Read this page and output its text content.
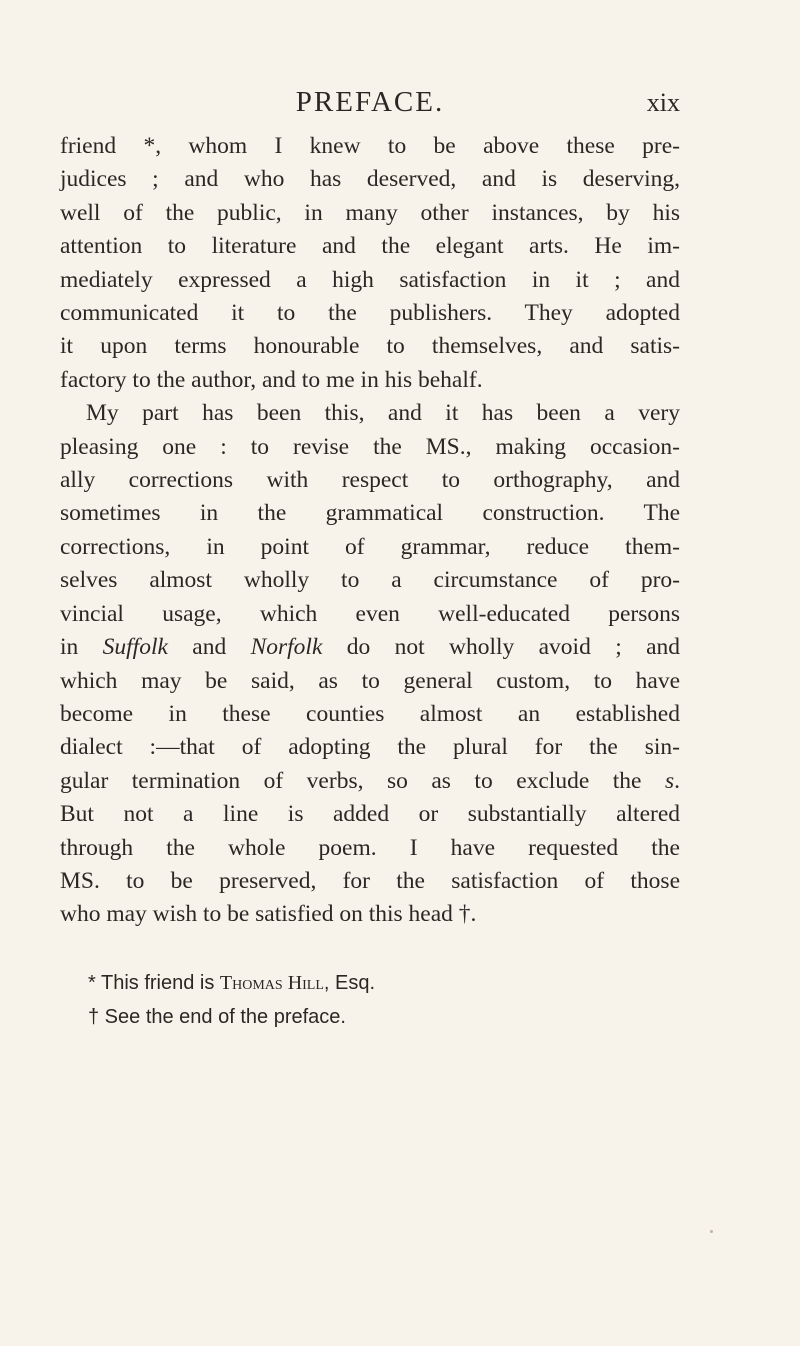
PREFACE.	xix
friend *, whom I knew to be above these pre-
judices ; and who has deserved, and is deserving,
well of the public, in many other instances, by his
attention to literature and the elegant arts. He im-
mediately expressed a high satisfaction in it ; and
communicated it to the publishers. They adopted
it upon terms honourable to themselves, and satis-
factory to the author, and to me in his behalf.
My part has been this, and it has been a very
pleasing one : to revise the MS., making occasion-
ally corrections with respect to orthography, and
sometimes in the grammatical construction. The
corrections, in point of grammar, reduce them-
selves almost wholly to a circumstance of pro-
vincial usage, which even well-educated persons
in Suffolk and Norfolk do not wholly avoid ; and
which may be said, as to general custom, to have
become in these counties almost an established
dialect :—that of adopting the plural for the sin-
gular termination of verbs, so as to exclude the s.
But not a line is added or substantially altered
through the whole poem. I have requested the
MS. to be preserved, for the satisfaction of those
who may wish to be satisfied on this head †.
* This friend is Thomas Hill, Esq.
† See the end of the preface.
